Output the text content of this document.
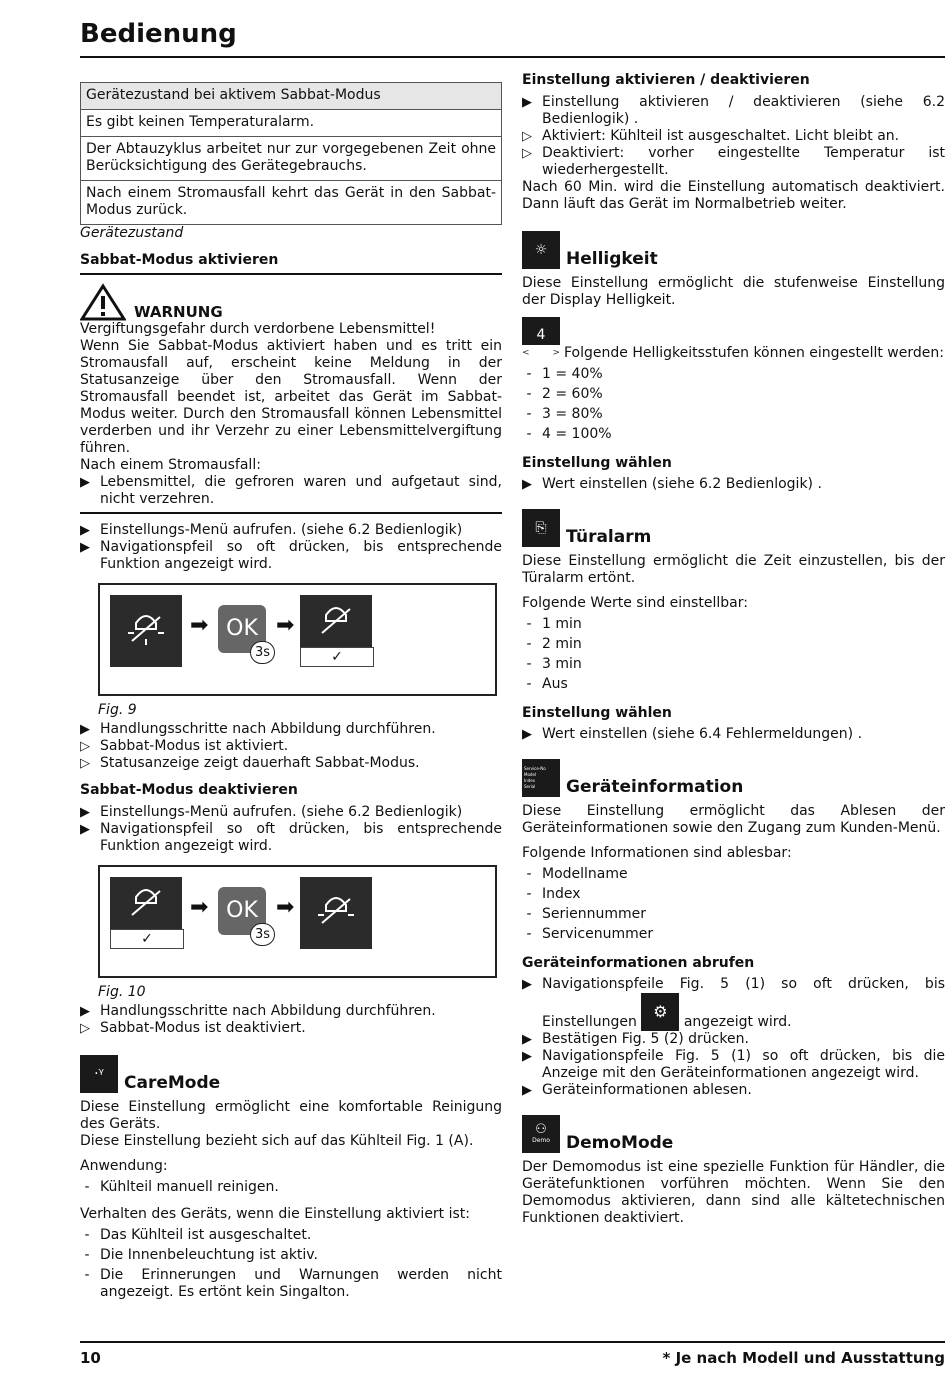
Bedienung
Gerätezustand bei aktivem Sabbat-Modus
Es gibt keinen Temperaturalarm.
Der Abtauzyklus arbeitet nur zur vorgegebenen Zeit ohne Berücksichtigung des Gerätegebrauchs.
Nach einem Stromausfall kehrt das Gerät in den Sabbat-Modus zurück.

Gerätezustand

Sabbat-Modus aktivieren

WARNUNG

Vergiftungsgefahr durch verdorbene Lebensmittel!

Wenn Sie Sabbat-Modus aktiviert haben und es tritt ein Stromausfall auf, erscheint keine Meldung in der Statusanzeige über den Stromausfall. Wenn der Stromausfall beendet ist, arbeitet das Gerät im Sabbat-Modus weiter. Durch den Stromausfall können Lebensmittel verderben und ihr Verzehr zu einer Lebensmittelvergiftung führen.

Nach einem Stromausfall:

▶ Lebensmittel, die gefroren waren und aufgetaut sind, nicht verzehren.
▶ Einstellungs-Menü aufrufen. (siehe 6.2 Bedienlogik)
▶ Navigationspfeil so oft drücken, bis entsprechende Funktion angezeigt wird.
➡ OK
3s
➡
✓

Fig. 9

▶ Handlungsschritte nach Abbildung durchführen.
▷ Sabbat-Modus ist aktiviert.
▷ Statusanzeige zeigt dauerhaft Sabbat-Modus.

Sabbat-Modus deaktivieren

▶ Einstellungs-Menü aufrufen. (siehe 6.2 Bedienlogik)
▶ Navigationspfeil so oft drücken, bis entsprechende Funktion angezeigt wird.
✓
➡ OK
3s
➡

Fig. 10

▶ Handlungsschritte nach Abbildung durchführen.
▷ Sabbat-Modus ist deaktiviert.
·ᵞ	CareMode

Diese Einstellung ermöglicht eine komfortable Reinigung des Geräts.

Diese Einstellung bezieht sich auf das Kühlteil Fig. 1 (A).

Anwendung:

- Kühlteil manuell reinigen.

Verhalten des Geräts, wenn die Einstellung aktiviert ist:

- Das Kühlteil ist ausgeschaltet.
- Die Innenbeleuchtung ist aktiv.
- Die Erinnerungen und Warnungen werden nicht angezeigt. Es ertönt kein Singalton.

Einstellung aktivieren / deaktivieren

▶ Einstellung aktivieren / deaktivieren (siehe 6.2 Bedienlogik) .
▷ Aktiviert: Kühlteil ist ausgeschaltet. Licht bleibt an.
▷ Deaktiviert: vorher eingestellte Temperatur ist wiederhergestellt.

Nach 60 Min. wird die Einstellung automatisch deaktiviert. Dann läuft das Gerät im Normalbetrieb weiter.

☼	Helligkeit

Diese Einstellung ermöglicht die stufenweise Einstellung der Display Helligkeit.

4
<	> Folgende Helligkeitsstufen können eingestellt werden:
- 1 = 40%
- 2 = 60%
- 3 = 80%
- 4 = 100%

Einstellung wählen

▶ Wert einstellen (siehe 6.2 Bedienlogik) .
⎘	Türalarm

Diese Einstellung ermöglicht die Zeit einzustellen, bis der Türalarm ertönt.

Folgende Werte sind einstellbar:

- 1 min
- 2 min
- 3 min
- Aus

Einstellung wählen

▶ Wert einstellen (siehe 6.4 Fehlermeldungen) .
Service-No
Model
Index
Serial Geräteinformation

Diese Einstellung ermöglicht das Ablesen der Geräteinformationen sowie den Zugang zum Kunden-Menü.

Folgende Informationen sind ablesbar:

- Modellname
- Index
- Seriennummer
- Servicenummer

Geräteinformationen abrufen

▶ Navigationspfeile Fig. 5 (1) so oft drücken, bis Einstellungen ⚙ angezeigt wird.
▶ Bestätigen Fig. 5 (2) drücken.
▶ Navigationspfeile Fig. 5 (1) so oft drücken, bis die Anzeige mit den Geräteinformationen angezeigt wird.
▶ Geräteinformationen ablesen.
⚇
Demo DemoMode

Der Demomodus ist eine spezielle Funktion für Händler, die Gerätefunktionen vorführen möchten. Wenn Sie den Demomodus aktivieren, dann sind alle kältetechnischen Funktionen deaktiviert.

10	* Je nach Modell und Ausstattung
